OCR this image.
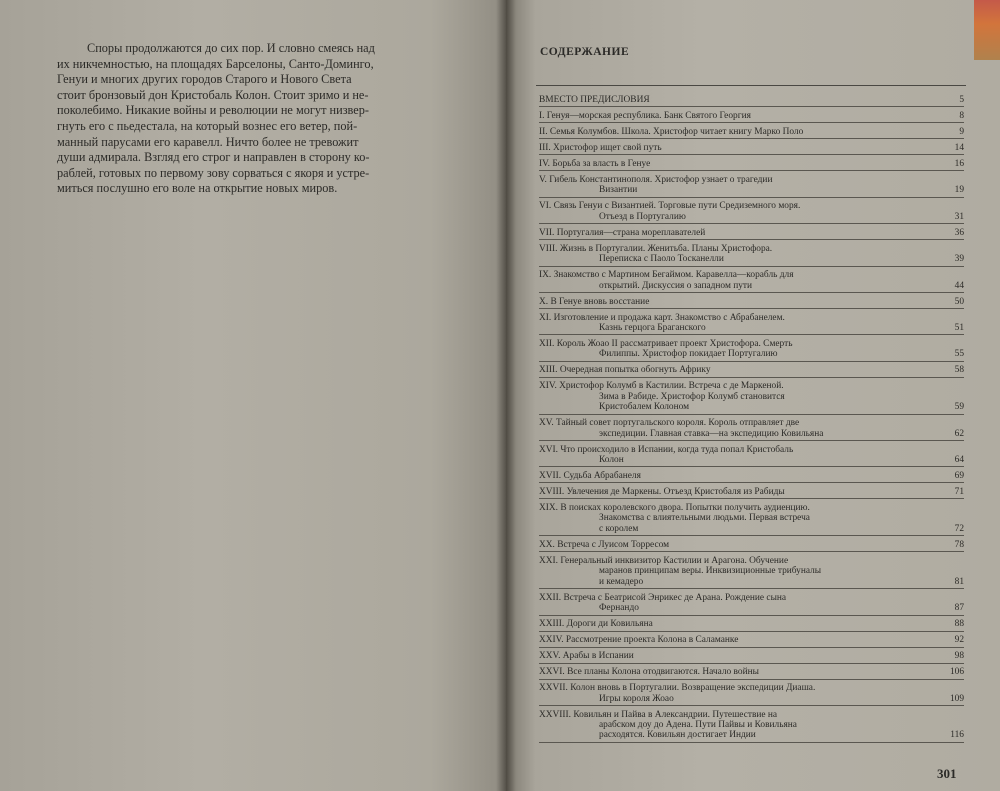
Споры продолжаются до сих пор. И словно смеясь над
их никчемностью, на площадях Барселоны, Санто-Доминго,
Генуи и многих других городов Старого и Нового Света
стоит бронзовый дон Кристобаль Колон. Стоит зримо и не-
поколебимо. Никакие войны и революции не могут низвер-
гнуть его с пьедестала, на который вознес его ветер, пой-
манный парусами его каравелл. Ничто более не тревожит
души адмирала. Взгляд его строг и направлен в сторону ко-
раблей, готовых по первому зову сорваться с якоря и устре-
миться послушно его воле на открытие новых миров.
СОДЕРЖАНИЕ
ВМЕСТО ПРЕДИСЛОВИЯ	5
I. Генуя—морская республика. Банк Святого Георгия	8
II. Семья Колумбов. Школа. Христофор читает книгу Марко Поло	9
III. Христофор ищет свой путь	14
IV. Борьба за власть в Генуе	16
V. Гибель Константинополя. Христофор узнает о трагедии
Византии	19
VI. Связь Генуи с Византией. Торговые пути Средиземного моря.
Отъезд в Португалию	31
VII. Португалия—страна мореплавателей	36
VIII. Жизнь в Португалии. Женитьба. Планы Христофора.
Переписка с Паоло Тосканелли	39
IX. Знакомство с Мартином Бегаймом. Каравелла—корабль для
открытий. Дискуссия о западном пути	44
X. В Генуе вновь восстание	50
XI. Изготовление и продажа карт. Знакомство с Абрабанелем.
Казнь герцога Браганского	51
XII. Король Жоао II рассматривает проект Христофора. Смерть
Филиппы. Христофор покидает Португалию	55
XIII. Очередная попытка обогнуть Африку	58
XIV. Христофор Колумб в Кастилии. Встреча с де Маркеной.
Зима в Рабиде. Христофор Колумб становится
Кристобалем Колоном	59
XV. Тайный совет португальского короля. Король отправляет две
экспедиции. Главная ставка—на экспедицию Ковильяна	62
XVI. Что происходило в Испании, когда туда попал Кристобаль
Колон	64
XVII. Судьба Абрабанеля	69
XVIII. Увлечения де Маркены. Отъезд Кристобаля из Рабиды	71
XIX. В поисках королевского двора. Попытки получить аудиенцию.
Знакомства с влиятельными людьми. Первая встреча
с королем	72
XX. Встреча с Луисом Торресом	78
XXI. Генеральный инквизитор Кастилии и Арагона. Обучение
маранов принципам веры. Инквизиционные трибуналы
и кемадеро	81
XXII. Встреча с Беатрисой Энрикес де Арана. Рождение сына
Фернандо	87
XXIII. Дороги ди Ковильяна	88
XXIV. Рассмотрение проекта Колона в Саламанке	92
XXV. Арабы в Испании	98
XXVI. Все планы Колона отодвигаются. Начало войны	106
XXVII. Колон вновь в Португалии. Возвращение экспедиции Диаша.
Игры короля Жоао	109
XXVIII. Ковильян и Пайва в Александрии. Путешествие на
арабском доу до Адена. Пути Пайвы и Ковильяна
расходятся. Ковильян достигает Индии	116
301
